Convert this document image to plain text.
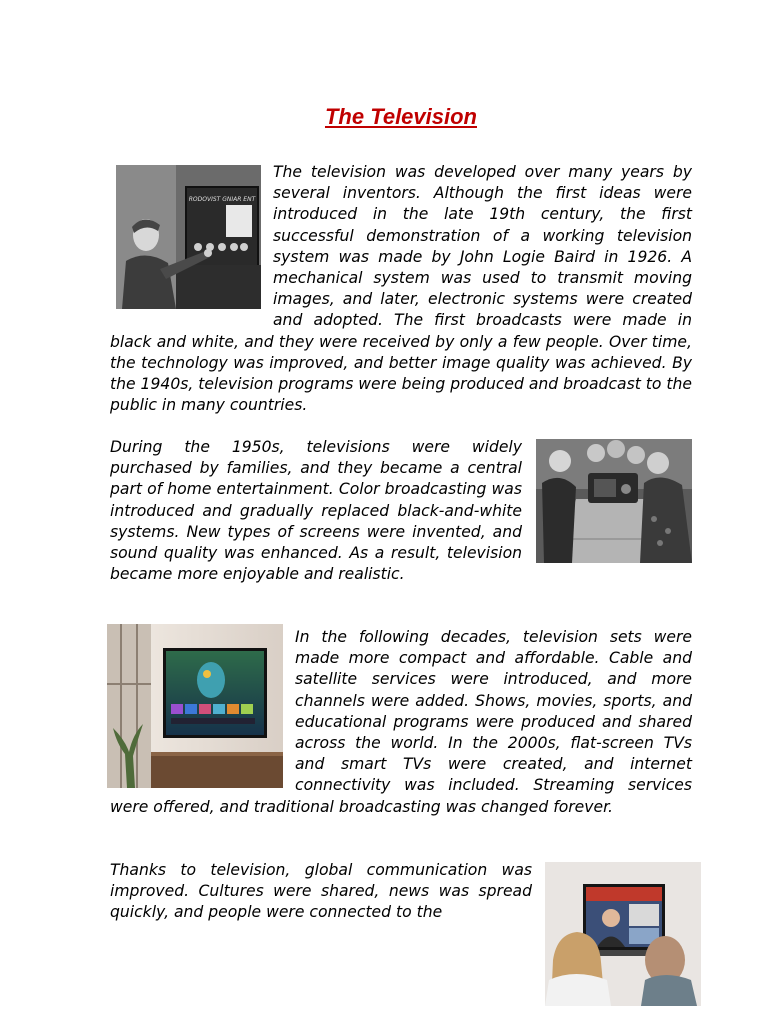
The Television
RODOVIST GNIAR ENT
The television was developed over many years by several inventors. Although the first ideas were introduced in the late 19th century, the first successful demonstration of a working television system was made by John Logie Baird in 1926. A mechanical system was used to transmit moving images, and later, electronic systems were created and adopted. The first broadcasts were made in black and white, and they were received by only a few people. Over time, the technology was improved, and better image quality was achieved. By the 1940s, television programs were being produced and broadcast to the public in many countries.
During the 1950s, televisions were widely purchased by families, and they became a central part of home entertainment. Color broadcasting was introduced and gradually replaced black-and-white systems. New types of screens were invented, and sound quality was enhanced. As a result, television became more enjoyable and realistic.
In the following decades, television sets were made more compact and affordable. Cable and satellite services were introduced, and more channels were added. Shows, movies, sports, and educational programs were produced and shared across the world. In the 2000s, flat-screen TVs and smart TVs were created, and internet connectivity was included. Streaming services were offered, and traditional broadcasting was changed forever.

Thanks to television, global communication was improved. Cultures were shared, news was spread quickly, and people were connected to the
